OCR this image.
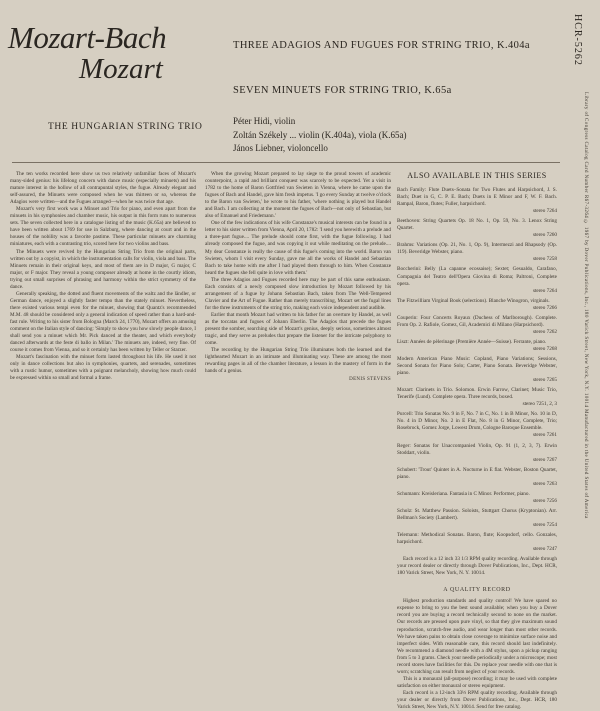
Mozart-Bach
Mozart
THREE ADAGIOS AND FUGUES FOR STRING TRIO, K.404a
SEVEN MINUETS FOR STRING TRIO, K.65a
THE HUNGARIAN STRING TRIO
Péter Hidi, violin
Zoltán Székely ... violin (K.404a), viola (K.65a)
János Liebner, violoncello

The ten works recorded here show us two relatively unfamiliar faces of Mozart's many-sided genius: his lifelong concern with dance music (especially minuets) and his mature interest in the hollow of all contrapuntal styles, the fugue. Already elegant and self-assured, the Minuets were composed when he was thirteen or so, whereas the Adagios were written—and the Fugues arranged—when he was twice that age.

Mozart's very first work was a Minuet and Trio for piano, and even apart from the minuets in his symphonies and chamber music, his output in this form runs to numerous sets. The seven collected here in a catalogue listing of the music (K.65a) are believed to have been written about 1769 for use in Salzburg, where dancing at court and in the houses of the nobility was a favorite pastime. These particular minuets are charming miniatures, each with a contrasting trio, scored here for two violins and bass.

The Minuets were revived by the Hungarian String Trio from the original parts, written out by a copyist, in which the instrumentation calls for violin, viola and bass. The Minuets remain in their original keys, and most of them are in D major, G major, C major, or F major. They reveal a young composer already at home in the courtly idiom, trying out small surprises of phrasing and harmony within the strict symmetry of the dance.

Generally speaking, the dotted and fluent movements of the waltz and the ländler, or German dance, enjoyed a slightly faster tempo than the stately minuet. Nevertheless, there existed various tempi even for the minuet, showing that Quantz's recommended M.M. 48 should be considered only a general indication of speed rather than a hard-and-fast rule. Writing to his sister from Bologna (March 24, 1770), Mozart offers an amusing comment on the Italian style of dancing: 'Simply to show you how slowly people dance, I shall send you a minuet which Mr. Pick danced at the theater, and which everybody danced afterwards at the feste di ballo in Milan.' The minuets are, indeed, very fine. Of course it comes from Vienna, and so it certainly has been written by Teller or Starzer.

Mozart's fascination with the minuet form lasted throughout his life. He used it not only in dance collections but also in symphonies, quartets, and serenades, sometimes with a rustic humor, sometimes with a poignant melancholy, showing how much could be expressed within so small and formal a frame.

When the growing Mozart prepared to lay siege to the proud towers of academic counterpoint, a rapid and brilliant conquest was scarcely to be expected. Yet a visit in 1782 to the home of Baron Gottfried van Swieten in Vienna, where he came upon the fugues of Bach and Handel, gave him fresh impetus. 'I go every Sunday at twelve o'clock to the Baron van Swieten,' he wrote to his father, 'where nothing is played but Handel and Bach. I am collecting at the moment the fugues of Bach—not only of Sebastian, but also of Emanuel and Friedemann.'

One of the few indications of his wife Constanze's musical interests can be found in a letter to his sister written from Vienna, April 20, 1782: 'I send you herewith a prelude and a three-part fugue.... The prelude should come first, with the fugue following. I had already composed the fugue, and was copying it out while meditating on the prelude.... My dear Constanze is really the cause of this fugue's coming into the world. Baron van Swieten, whom I visit every Sunday, gave me all the works of Handel and Sebastian Bach to take home with me after I had played them through to him. When Constanze heard the fugues she fell quite in love with them.'

The three Adagios and Fugues recorded here may be part of this same enthusiasm. Each consists of a newly composed slow introduction by Mozart followed by his arrangement of a fugue by Johann Sebastian Bach, taken from The Well-Tempered Clavier and the Art of Fugue. Rather than merely transcribing, Mozart set the fugal lines for the three instruments of the string trio, making each voice independent and audible.

Earlier that month Mozart had written to his father for an overture by Handel, as well as the toccatas and fugues of Johann Eberlin. The Adagios that precede the fugues present the somber, searching side of Mozart's genius, deeply serious, sometimes almost tragic, and they serve as preludes that prepare the listener for the intricate polyphony to come.

The recording by the Hungarian String Trio illuminates both the learned and the lighthearted Mozart in an intimate and illuminating way. These are among the most rewarding pages in all of the chamber literature, a lesson in the mastery of form in the hands of a genius.

DENIS STEVENS
ALSO AVAILABLE IN THIS SERIES
Bach Family: Flute Duets–Sonata for Two Flutes and Harpsichord, J. S. Bach; Duet in G, C. P. E. Bach; Duets in E Minor and F, W. F. Bach. Rampal, Baron, flutes; Fuller, harpsichord.
stereo 7264
Beethoven: String Quartets Op. 18 No. 1, Op. 59, No. 3. Lenox String Quartet.
stereo 7260
Brahms: Variations (Op. 21, No. 1, Op. 9), Intermezzi and Rhapsody (Op. 119). Beveridge Webster, piano.
stereo 7258
Boccherini: Belly (La capanne ecossaise); Sextet; Gesualdo, Carafano, Compagnia del Teatro dell'Opera Giovina di Roma; Paltroni, Complete opera.
stereo 7264
The Fitzwilliam Virginal Book (selections). Blanche Winogron, virginals.
stereo 7266
Couperin: Four Concerts Royaux (Duchess of Marlborough). Complete. From Op. 2. Rafiole, Gomez, Gil, Academici di Milano (Harpsichord).
stereo 7262
Liszt: Années de pèlerinage (Première Année—Suisse). Ferrante, piano.
stereo 7268
Modern American Piano Music: Copland, Piano Variations; Sessions, Second Sonata for Piano Solo; Carter, Piano Sonata. Beveridge Webster, piano.
stereo 7265
Mozart: Clarinets in Trio. Solomon. Erwin Farrow, Clarinet; Music Trio, Tenerife (Lund). Complete opera. Three records, boxed.
stereo 7251, 2, 3
Purcell: Trio Sonatas No. 9 in F, No. 7 in C, No. 1 in B Minor, No. 10 in D, No. 4 in D Minor, No. 2 in E Flat, No. 8 in G Minor, Complete, Trio; Rosebrock, Gomez Jorge, Lowest Drum, Cologne Baroque Ensemble.
stereo 7261
Reger: Sonatas for Unaccompanied Violin, Op. 91 (1, 2, 3, 7). Erwin Stoddart, violin.
stereo 7267
Schubert: 'Trout' Quintet in A. Nocturne in E flat. Webster, Boston Quartet, piano.
stereo 7263
Schumann: Kreisleriana. Fantasia in C Minor. Performer, piano.
stereo 7256
Scholz: St. Matthew Passion. Soloists, Stuttgart Chorus (Kryptonian). Arr. Bellman's Society (Lambert).
stereo 7254
Telemann: Methodical Sonatas. Baron, flute; Koopsdorf, cello. Gonzales, harpsichord.
stereo 7247

Each record is a 12 inch 33 1/3 RPM quality recording. Available through your record dealer or directly through Dover Publications, Inc., Dept. HCR, 180 Varick Street, New York, N. Y. 10014.

A QUALITY RECORD

Highest production standards and quality control! We have spared no expense to bring to you the best sound available; when you buy a Dover record you are buying a record technically second to none on the market. Our records are pressed upon pure vinyl, so that they give maximum sound reproduction, scratch-free audio, and wear longer than most other records. We have taken pains to obtain close coverage to minimize surface noise and imperfect sides. With reasonable care, this record should last indefinitely. We recommend a diamond needle with a 4M stylus, upon a pickup ranging from 5 to 3 grams. Check your needle periodically under a microscope; most record stores have facilities for this. Do replace your needle with one that is worn; scratching can result from neglect of your records.

This is a monaural (all-purpose) recording; it may be used with complete satisfaction on either monaural or stereo equipment.

Each record is a 12-inch 33⅓ RPM quality recording. Available through your dealer or directly from Dover Publications, Inc., Dept. HCR, 180 Varick Street, New York, N.Y. 10014. Send for free catalog.

HCR-5262
Library of Congress Catalog Card Number R67-3264 © 1967 by Dover Publications, Inc., 180 Varick Street, New York, N.Y. 10014 Manufactured in the United States of America
